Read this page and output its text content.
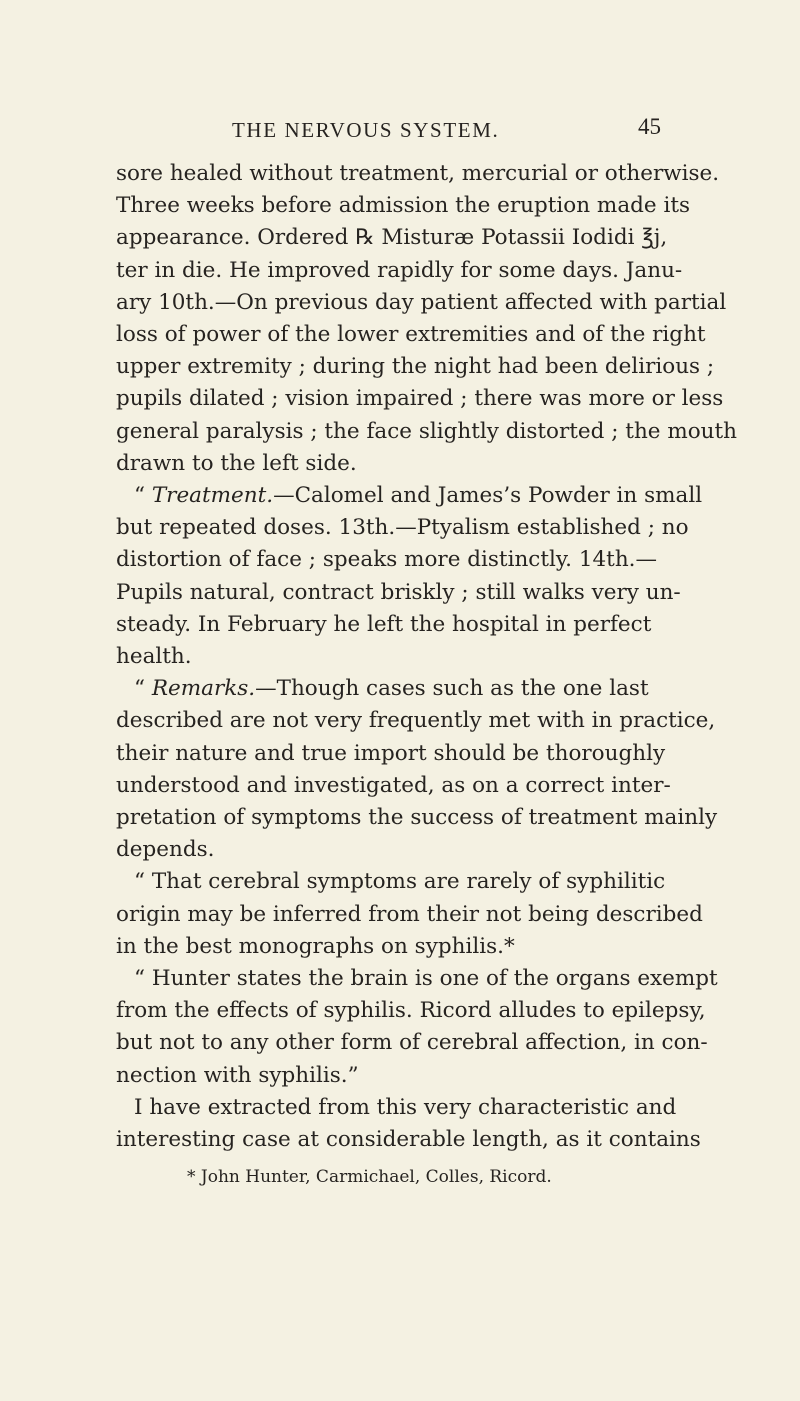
THE NERVOUS SYSTEM.	45
sore healed without treatment, mercurial or otherwise.
Three weeks before admission the eruption made its
appearance. Ordered ℞ Misturæ Potassii Iodidi ℥j,
ter in die. He improved rapidly for some days. Janu-
ary 10th.—On previous day patient affected with partial
loss of power of the lower extremities and of the right
upper extremity ; during the night had been delirious ;
pupils dilated ; vision impaired ; there was more or less
general paralysis ; the face slightly distorted ; the mouth
drawn to the left side.
“ Treatment.—Calomel and James’s Powder in small
but repeated doses. 13th.—Ptyalism established ; no
distortion of face ; speaks more distinctly. 14th.—
Pupils natural, contract briskly ; still walks very un-
steady. In February he left the hospital in perfect
health.
“ Remarks.—Though cases such as the one last
described are not very frequently met with in practice,
their nature and true import should be thoroughly
understood and investigated, as on a correct inter-
pretation of symptoms the success of treatment mainly
depends.
“ That cerebral symptoms are rarely of syphilitic
origin may be inferred from their not being described
in the best monographs on syphilis.*
“ Hunter states the brain is one of the organs exempt
from the effects of syphilis. Ricord alludes to epilepsy,
but not to any other form of cerebral affection, in con-
nection with syphilis.”
I have extracted from this very characteristic and
interesting case at considerable length, as it contains
* John Hunter, Carmichael, Colles, Ricord.
